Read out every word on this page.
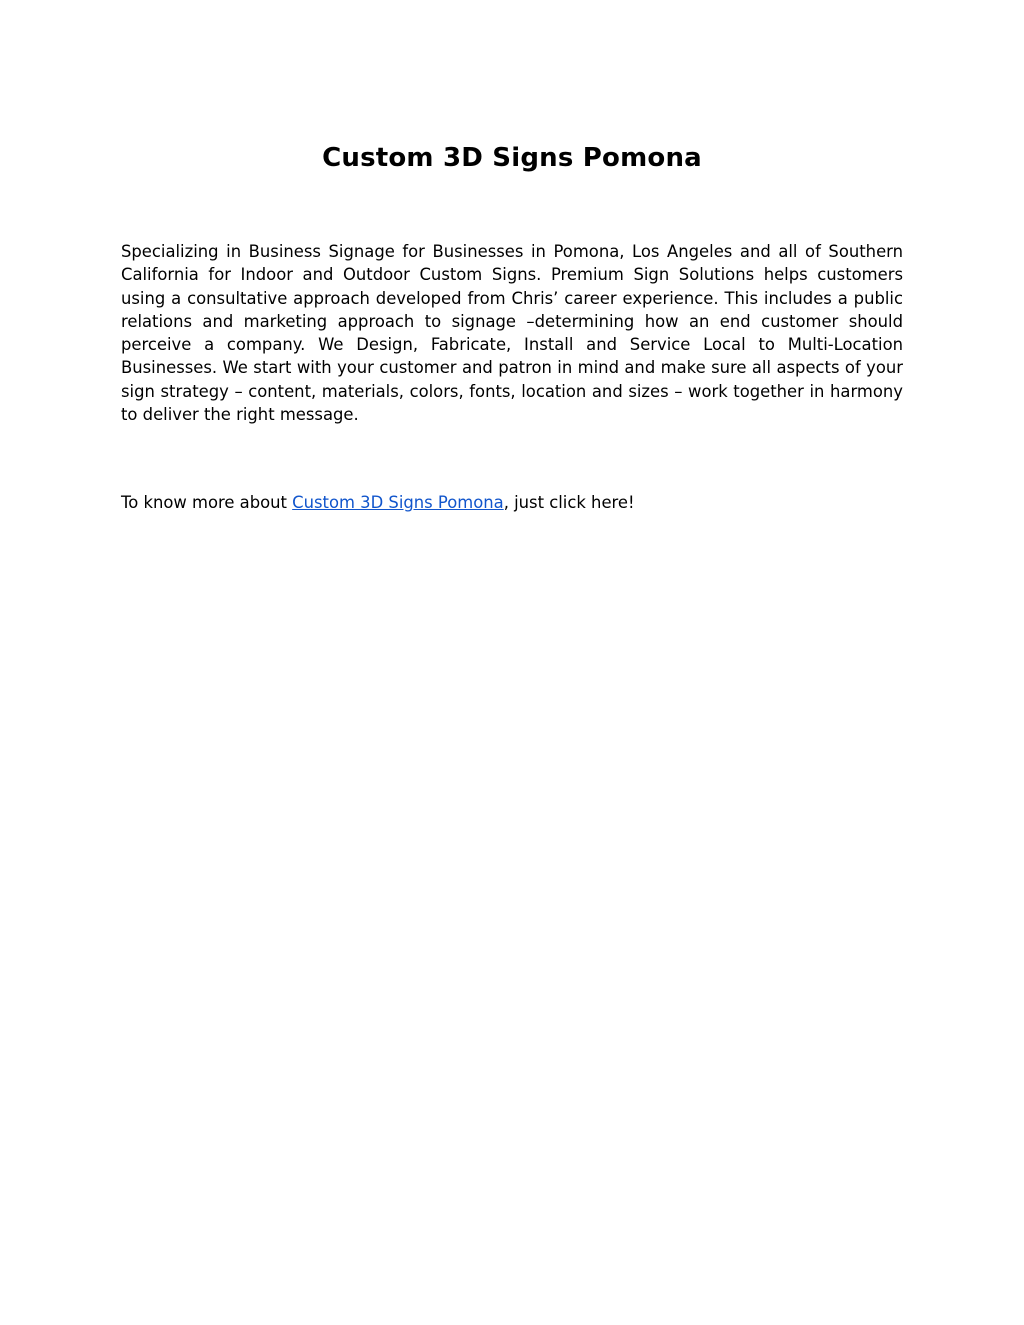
Custom 3D Signs Pomona

Specializing in Business Signage for Businesses in Pomona, Los Angeles and all of Southern California for Indoor and Outdoor Custom Signs. Premium Sign Solutions helps customers using a consultative approach developed from Chris’ career experience. This includes a public relations and marketing approach to signage –determining how an end customer should perceive a company. We Design, Fabricate, Install and Service Local to Multi-Location Businesses. We start with your customer and patron in mind and make sure all aspects of your sign strategy – content, materials, colors, fonts, location and sizes – work together in harmony to deliver the right message.

To know more about Custom 3D Signs Pomona, just click here!
